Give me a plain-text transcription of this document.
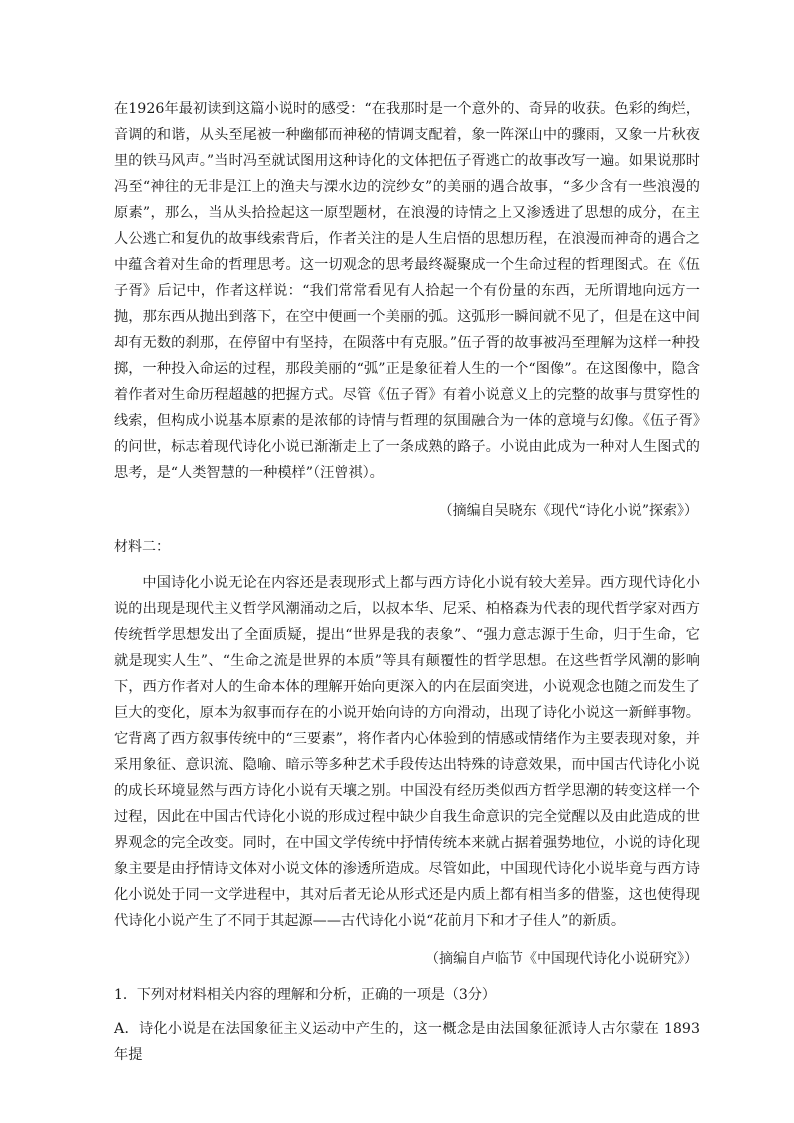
在1926年最初读到这篇小说时的感受：“在我那时是一个意外的、奇异的收获。色彩的绚烂，音调的和谐，从头至尾被一种幽郁而神秘的情调支配着，象一阵深山中的骤雨，又象一片秋夜里的铁马风声。”当时冯至就试图用这种诗化的文体把伍子胥逃亡的故事改写一遍。如果说那时冯至“神往的无非是江上的渔夫与溧水边的浣纱女”的美丽的遇合故事，“多少含有一些浪漫的原素”，那么，当从头拾捡起这一原型题材，在浪漫的诗情之上又渗透进了思想的成分，在主人公逃亡和复仇的故事线索背后，作者关注的是人生启悟的思想历程，在浪漫而神奇的遇合之中蕴含着对生命的哲理思考。这一切观念的思考最终凝聚成一个生命过程的哲理图式。在《伍子胥》后记中，作者这样说：“我们常常看见有人拾起一个有份量的东西，无所谓地向远方一抛，那东西从抛出到落下，在空中便画一个美丽的弧。这弧形一瞬间就不见了，但是在这中间却有无数的刹那，在停留中有坚持，在陨落中有克服。”伍子胥的故事被冯至理解为这样一种投掷，一种投入命运的过程，那段美丽的“弧”正是象征着人生的一个“图像”。在这图像中，隐含着作者对生命历程超越的把握方式。尽管《伍子胥》有着小说意义上的完整的故事与贯穿性的线索，但构成小说基本原素的是浓郁的诗情与哲理的氛围融合为一体的意境与幻像。《伍子胥》的问世，标志着现代诗化小说已渐渐走上了一条成熟的路子。小说由此成为一种对人生图式的思考，是“人类智慧的一种模样”（汪曾祺）。

（摘编自吴晓东《现代“诗化小说”探索》）

材料二：

中国诗化小说无论在内容还是表现形式上都与西方诗化小说有较大差异。西方现代诗化小说的出现是现代主义哲学风潮涌动之后，以叔本华、尼采、柏格森为代表的现代哲学家对西方传统哲学思想发出了全面质疑，提出“世界是我的表象”、“强力意志源于生命，归于生命，它就是现实人生”、“生命之流是世界的本质”等具有颠覆性的哲学思想。在这些哲学风潮的影响下，西方作者对人的生命本体的理解开始向更深入的内在层面突进，小说观念也随之而发生了巨大的变化，原本为叙事而存在的小说开始向诗的方向滑动，出现了诗化小说这一新鲜事物。它背离了西方叙事传统中的“三要素”，将作者内心体验到的情感或情绪作为主要表现对象，并采用象征、意识流、隐喻、暗示等多种艺术手段传达出特殊的诗意效果，而中国古代诗化小说的成长环境显然与西方诗化小说有天壤之别。中国没有经历类似西方哲学思潮的转变这样一个过程，因此在中国古代诗化小说的形成过程中缺少自我生命意识的完全觉醒以及由此造成的世界观念的完全改变。同时，在中国文学传统中抒情传统本来就占据着强势地位，小说的诗化现象主要是由抒情诗文体对小说文体的渗透所造成。尽管如此，中国现代诗化小说毕竟与西方诗化小说处于同一文学进程中，其对后者无论从形式还是内质上都有相当多的借鉴，这也使得现代诗化小说产生了不同于其起源——古代诗化小说“花前月下和才子佳人”的新质。

（摘编自卢临节《中国现代诗化小说研究》）

1．下列对材料相关内容的理解和分析，正确的一项是（3分）

A．诗化小说是在法国象征主义运动中产生的，这一概念是由法国象征派诗人古尔蒙在 1893 年提
